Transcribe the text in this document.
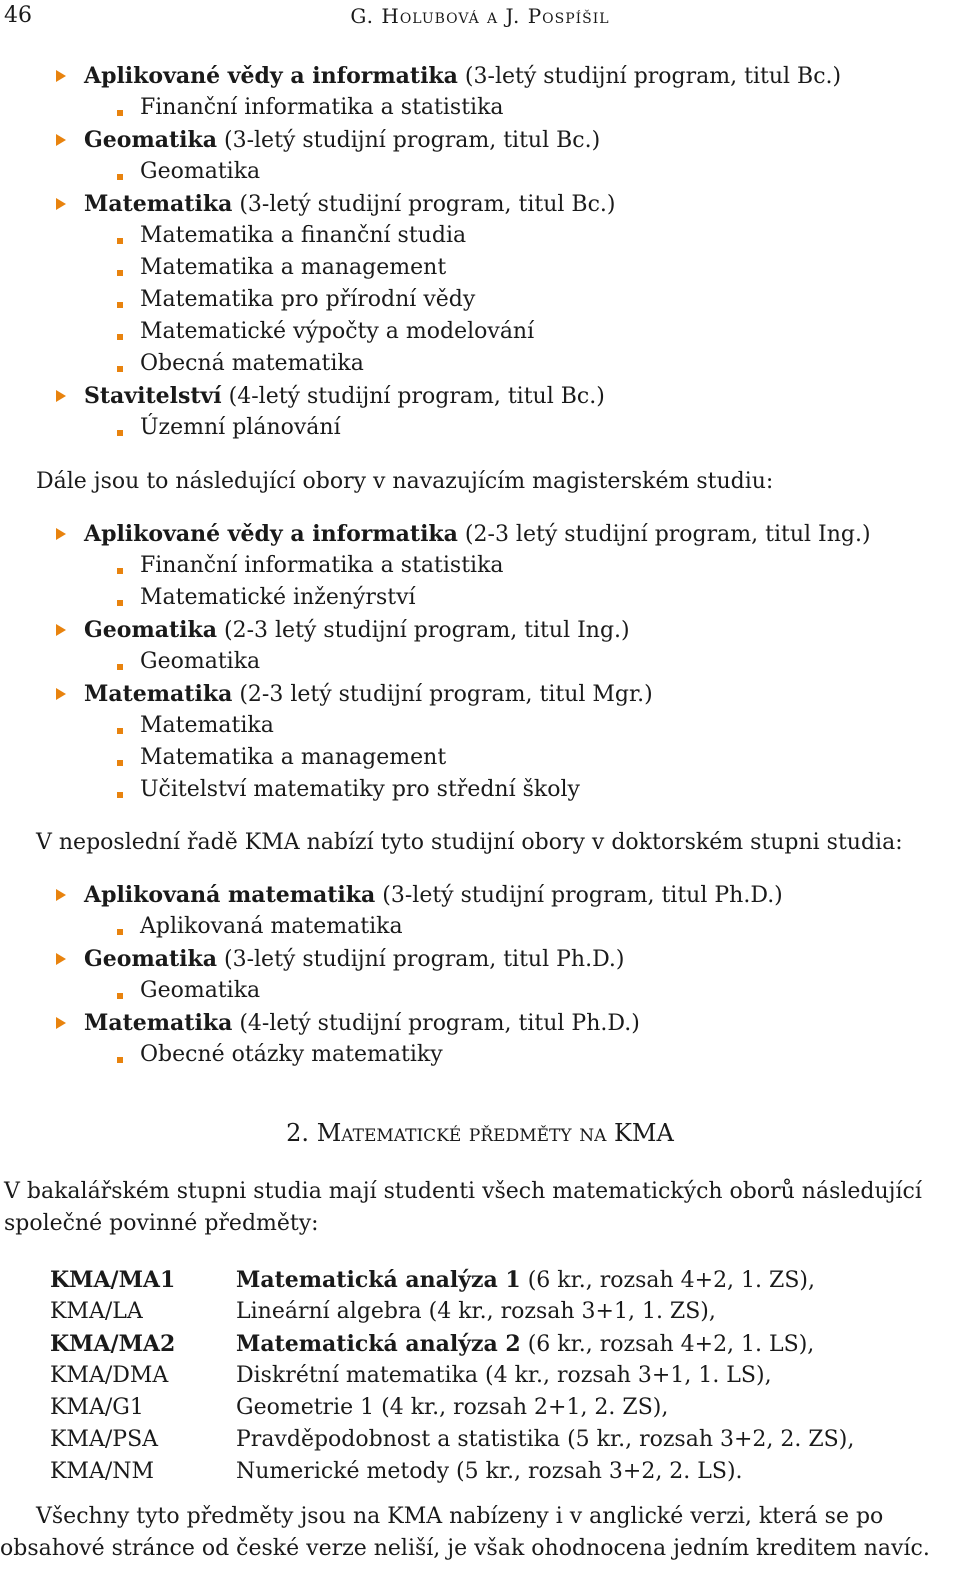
46	G. Holubová a J. Pospíšil
Aplikované vědy a informatika (3-letý studijní program, titul Bc.)
Finanční informatika a statistika
Geomatika (3-letý studijní program, titul Bc.)
Geomatika
Matematika (3-letý studijní program, titul Bc.)
Matematika a finanční studia
Matematika a management
Matematika pro přírodní vědy
Matematické výpočty a modelování
Obecná matematika
Stavitelství (4-letý studijní program, titul Bc.)
Územní plánování
Dále jsou to následující obory v navazujícím magisterském studiu:
Aplikované vědy a informatika (2-3 letý studijní program, titul Ing.)
Finanční informatika a statistika
Matematické inženýrství
Geomatika (2-3 letý studijní program, titul Ing.)
Geomatika
Matematika (2-3 letý studijní program, titul Mgr.)
Matematika
Matematika a management
Učitelství matematiky pro střední školy
V neposlední řadě KMA nabízí tyto studijní obory v doktorském stupni studia:
Aplikovaná matematika (3-letý studijní program, titul Ph.D.)
Aplikovaná matematika
Geomatika (3-letý studijní program, titul Ph.D.)
Geomatika
Matematika (4-letý studijní program, titul Ph.D.)
Obecné otázky matematiky
2. Matematické předměty na KMA
V bakalářském stupni studia mají studenti všech matematických oborů následující
společné povinné předměty:
KMA/MA1	Matematická analýza 1 (6 kr., rozsah 4+2, 1. ZS),
KMA/LA	Lineární algebra (4 kr., rozsah 3+1, 1. ZS),
KMA/MA2	Matematická analýza 2 (6 kr., rozsah 4+2, 1. LS),
KMA/DMA	Diskrétní matematika (4 kr., rozsah 3+1, 1. LS),
KMA/G1	Geometrie 1 (4 kr., rozsah 2+1, 2. ZS),
KMA/PSA	Pravděpodobnost a statistika (5 kr., rozsah 3+2, 2. ZS),
KMA/NM	Numerické metody (5 kr., rozsah 3+2, 2. LS).
Všechny tyto předměty jsou na KMA nabízeny i v anglické verzi, která se po
obsahové stránce od české verze neliší, je však ohodnocena jedním kreditem navíc.
